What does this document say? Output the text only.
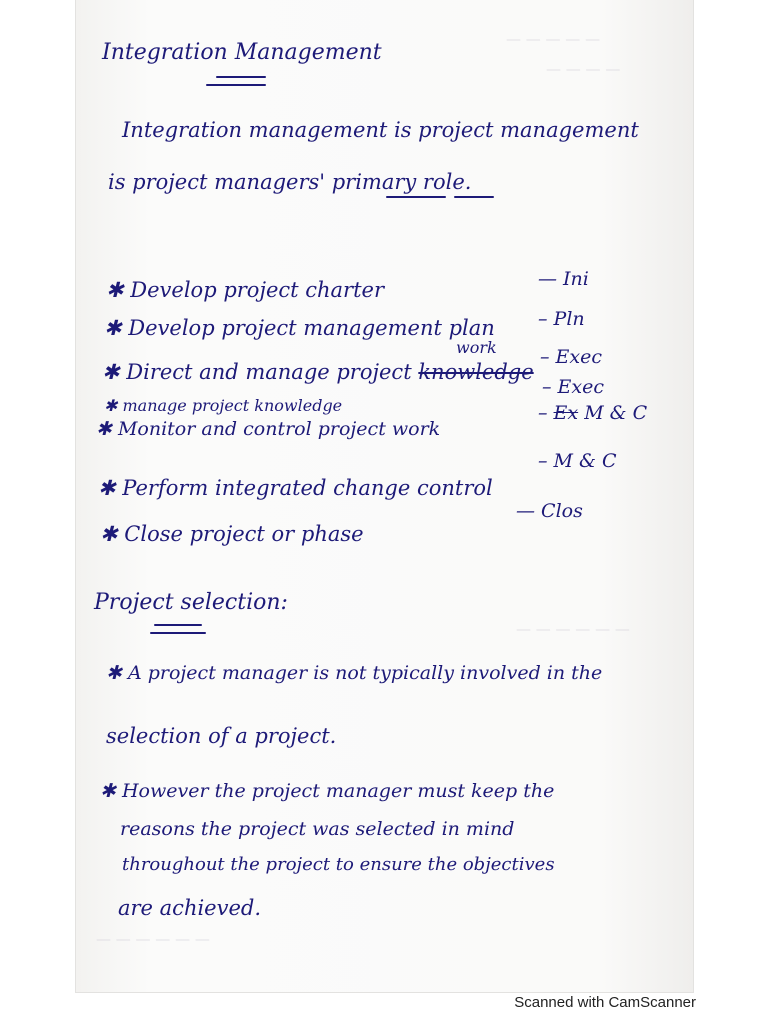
— — — — —
— — — —
— — — — — —
— — — — — —
Integration Management
Integration management is project management
is project managers' primary role.
✱ Develop project charter	— Ini
✱ Develop project management plan – Pln
work
✱ Direct and manage project knowledge
– Exec
✱ manage project knowledge
– Exec
✱ Monitor and control project work
– Ex M & C
✱ Perform integrated change control
– M & C
✱ Close project or phase
— Clos
Project selection:
✱ A project manager is not typically involved in the
selection of a project.
✱ However the project manager must keep the
reasons the project was selected in mind
throughout the project to ensure the objectives
are achieved.
Scanned with CamScanner
